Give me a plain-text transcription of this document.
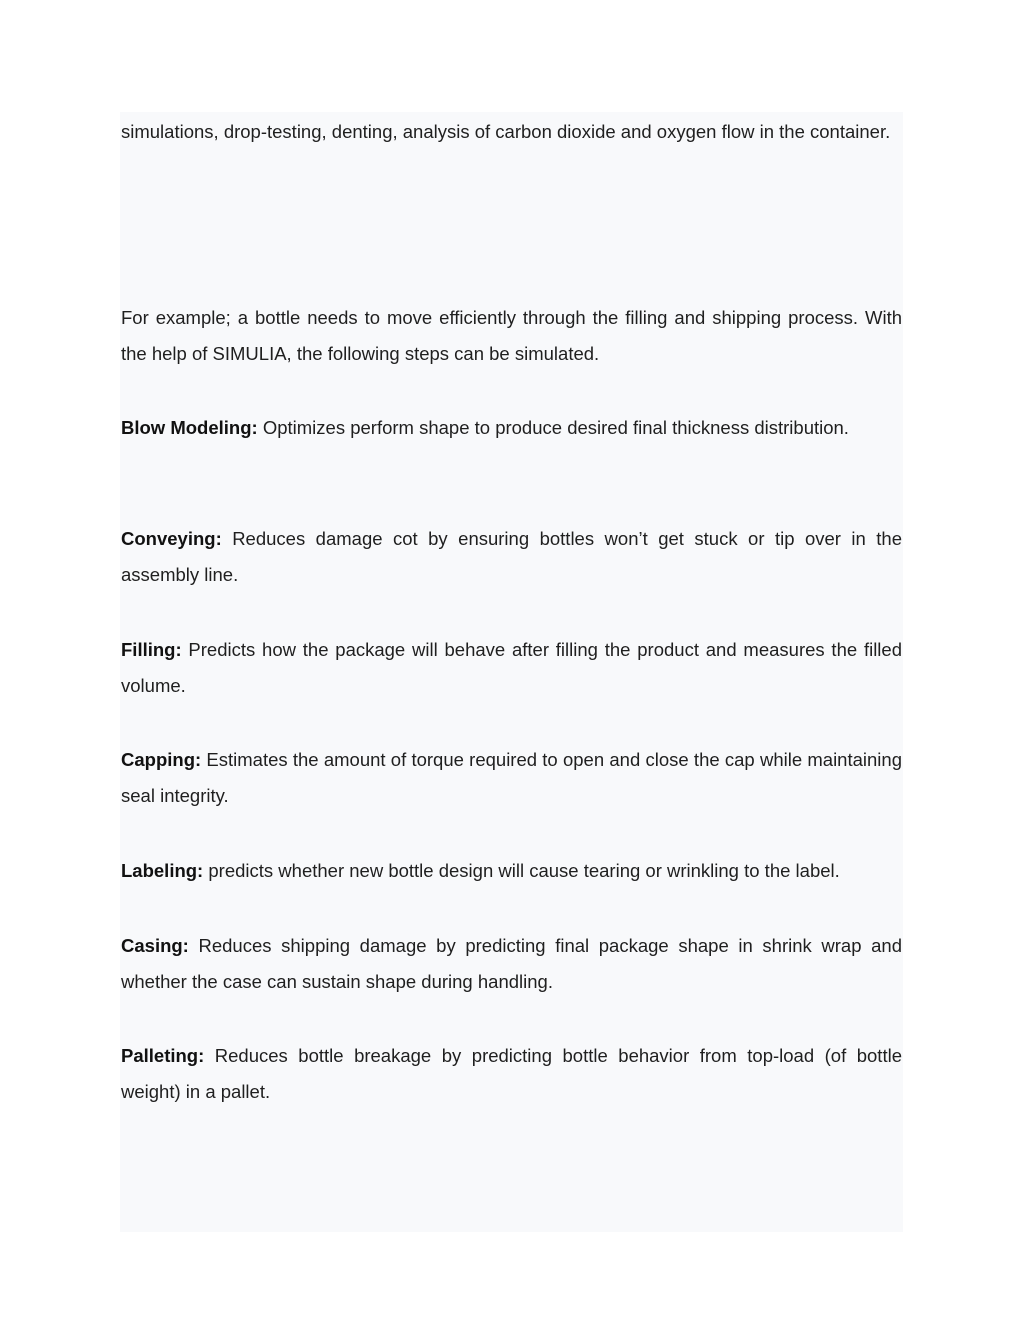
simulations, drop-testing, denting, analysis of carbon dioxide and oxygen flow in the container.

For example; a bottle needs to move efficiently through the filling and shipping process. With the help of SIMULIA, the following steps can be simulated.

Blow Modeling: Optimizes perform shape to produce desired final thickness distribution.

Conveying: Reduces damage cot by ensuring bottles won’t get stuck or tip over in the assembly line.

Filling: Predicts how the package will behave after filling the product and measures the filled volume.

Capping: Estimates the amount of torque required to open and close the cap while maintaining seal integrity.

Labeling: predicts whether new bottle design will cause tearing or wrinkling to the label.

Casing: Reduces shipping damage by predicting final package shape in shrink wrap and whether the case can sustain shape during handling.

Palleting: Reduces bottle breakage by predicting bottle behavior from top-load (of bottle weight) in a pallet.
